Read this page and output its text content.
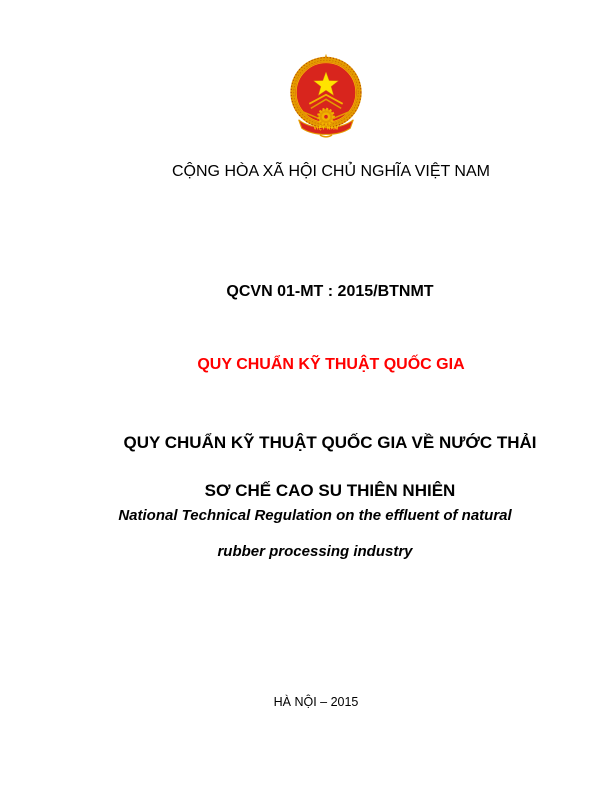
VIỆT NAM
CỘNG HÒA XÃ HỘI CHỦ NGHĨA VIỆT NAM
QCVN 01-MT : 2015/BTNMT
QUY CHUẨN KỸ THUẬT QUỐC GIA

QUY CHUẨN KỸ THUẬT QUỐC GIA VỀ NƯỚC THẢI

SƠ CHẾ CAO SU THIÊN NHIÊN

National Technical Regulation on the effluent of natural

rubber processing industry

HÀ NỘI – 2015
